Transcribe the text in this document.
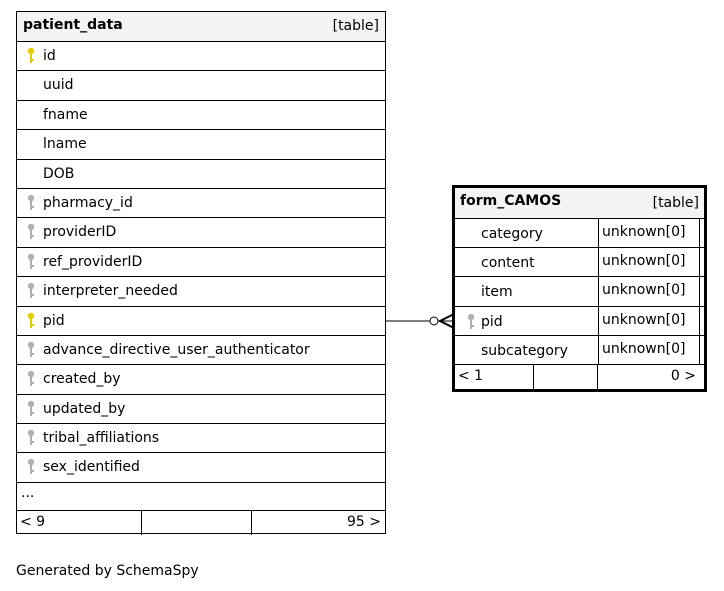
patient_data	[table]
id
uuid
fname
lname
DOB
pharmacy_id
providerID
ref_providerID
interpreter_needed
pid
advance_directive_user_authenticator
created_by
updated_by
tribal_affiliations
sex_identified
...
< 9	95 >
form_CAMOS	[table]
category	unknown[0]
content	unknown[0]
item	unknown[0]
pid	unknown[0]
subcategory unknown[0]
< 1	0 >
Generated by SchemaSpy
